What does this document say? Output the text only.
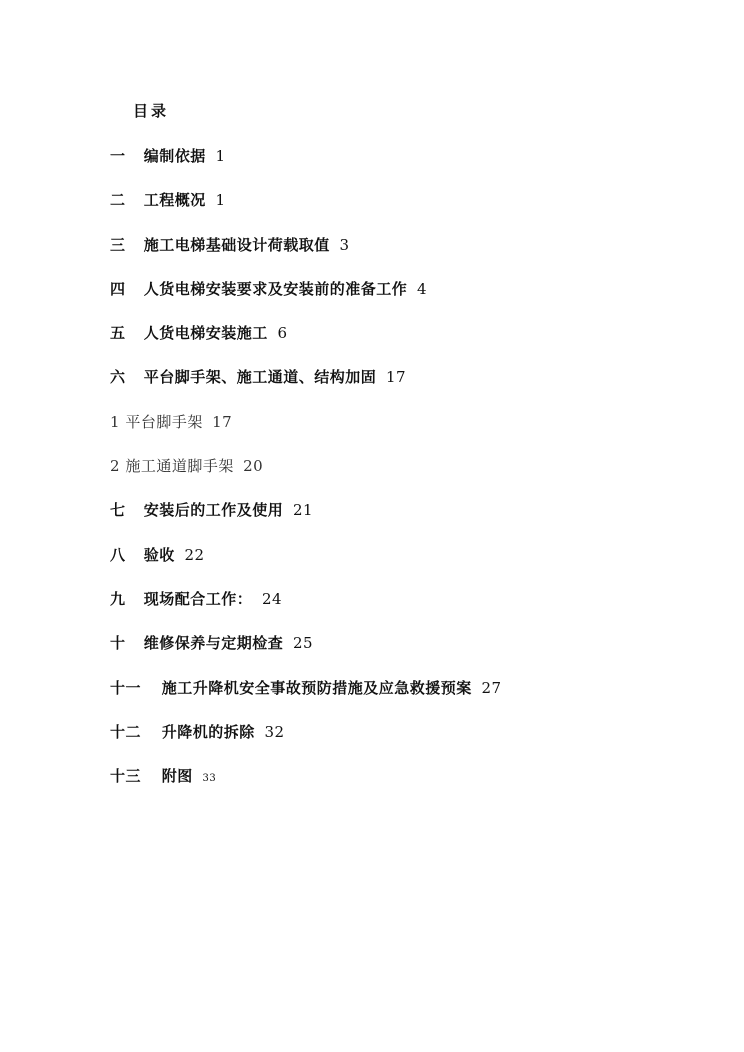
目录
一 编制依据 1
二 工程概况 1
三 施工电梯基础设计荷载取值 3
四 人货电梯安装要求及安装前的准备工作 4
五 人货电梯安装施工 6
六 平台脚手架、施工通道、结构加固 17
1 平台脚手架 17
2 施工通道脚手架 20
七 安装后的工作及使用 21
八 验收 22
九 现场配合工作： 24
十 维修保养与定期检查 25
十一 施工升降机安全事故预防措施及应急救援预案 27
十二 升降机的拆除 32
十三 附图 33
